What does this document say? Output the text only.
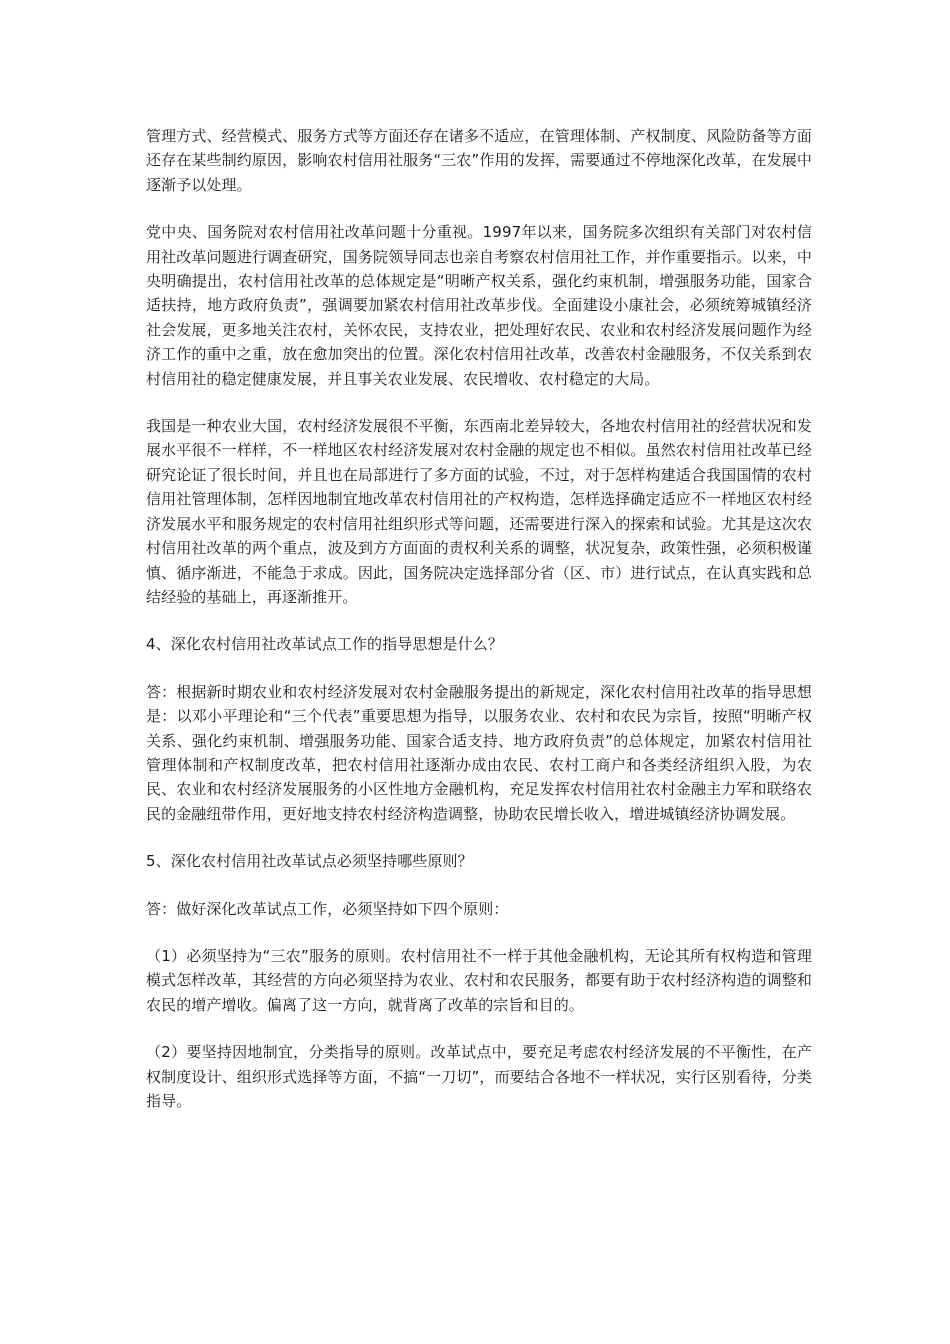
管理方式、经营模式、服务方式等方面还存在诸多不适应，在管理体制、产权制度、风险防备等方面还存在某些制约原因，影响农村信用社服务“三农”作用的发挥，需要通过不停地深化改革，在发展中逐渐予以处理。

党中央、国务院对农村信用社改革问题十分重视。1997年以来，国务院多次组织有关部门对农村信用社改革问题进行调查研究，国务院领导同志也亲自考察农村信用社工作，并作重要指示。以来，中央明确提出，农村信用社改革的总体规定是“明晰产权关系，强化约束机制，增强服务功能，国家合适扶持，地方政府负责”，强调要加紧农村信用社改革步伐。全面建设小康社会，必须统筹城镇经济社会发展，更多地关注农村，关怀农民，支持农业，把处理好农民、农业和农村经济发展问题作为经济工作的重中之重，放在愈加突出的位置。深化农村信用社改革，改善农村金融服务，不仅关系到农村信用社的稳定健康发展，并且事关农业发展、农民增收、农村稳定的大局。

我国是一种农业大国，农村经济发展很不平衡，东西南北差异较大，各地农村信用社的经营状况和发展水平很不一样样，不一样地区农村经济发展对农村金融的规定也不相似。虽然农村信用社改革已经研究论证了很长时间，并且也在局部进行了多方面的试验，不过，对于怎样构建适合我国国情的农村信用社管理体制，怎样因地制宜地改革农村信用社的产权构造，怎样选择确定适应不一样地区农村经济发展水平和服务规定的农村信用社组织形式等问题，还需要进行深入的探索和试验。尤其是这次农村信用社改革的两个重点，波及到方方面面的责权利关系的调整，状况复杂，政策性强，必须积极谨慎、循序渐进，不能急于求成。因此，国务院决定选择部分省（区、市）进行试点，在认真实践和总结经验的基础上，再逐渐推开。

4、深化农村信用社改革试点工作的指导思想是什么？

答：根据新时期农业和农村经济发展对农村金融服务提出的新规定，深化农村信用社改革的指导思想是：以邓小平理论和“三个代表”重要思想为指导，以服务农业、农村和农民为宗旨，按照“明晰产权关系、强化约束机制、增强服务功能、国家合适支持、地方政府负责”的总体规定，加紧农村信用社管理体制和产权制度改革，把农村信用社逐渐办成由农民、农村工商户和各类经济组织入股，为农民、农业和农村经济发展服务的小区性地方金融机构，充足发挥农村信用社农村金融主力军和联络农民的金融纽带作用，更好地支持农村经济构造调整，协助农民增长收入，增进城镇经济协调发展。

5、深化农村信用社改革试点必须坚持哪些原则？

答：做好深化改革试点工作，必须坚持如下四个原则：

（1）必须坚持为“三农”服务的原则。农村信用社不一样于其他金融机构，无论其所有权构造和管理模式怎样改革，其经营的方向必须坚持为农业、农村和农民服务，都要有助于农村经济构造的调整和农民的增产增收。偏离了这一方向，就背离了改革的宗旨和目的。

（2）要坚持因地制宜，分类指导的原则。改革试点中，要充足考虑农村经济发展的不平衡性，在产权制度设计、组织形式选择等方面，不搞“一刀切”，而要结合各地不一样状况，实行区别看待，分类指导。
